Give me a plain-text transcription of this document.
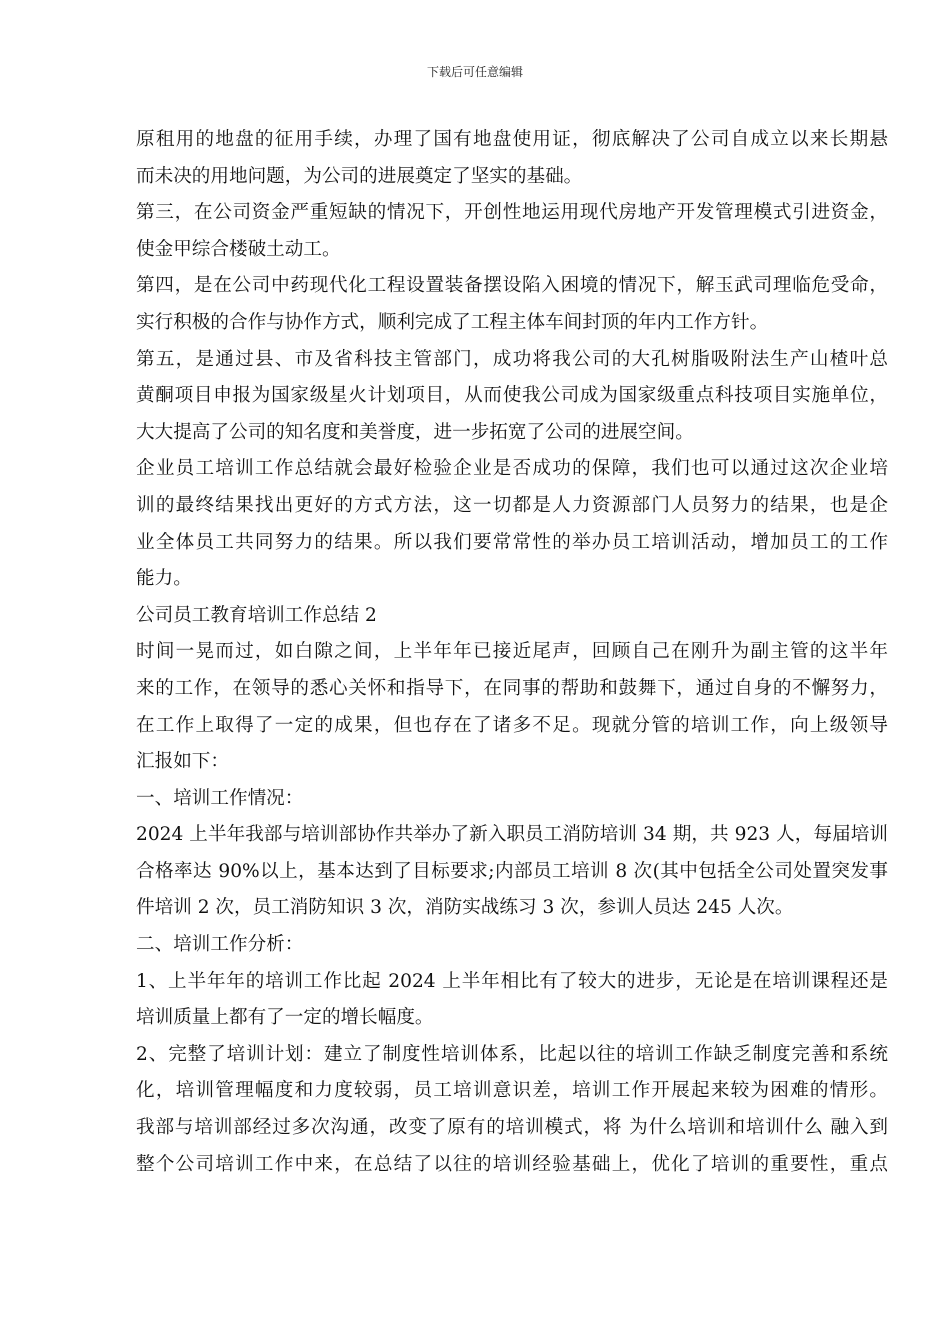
下载后可任意编辑
原租用的地盘的征用手续，办理了国有地盘使用证，彻底解决了公司自成立以来长期悬
而未决的用地问题，为公司的进展奠定了坚实的基础。
第三，在公司资金严重短缺的情况下，开创性地运用现代房地产开发管理模式引进资金，
使金甲综合楼破土动工。
第四，是在公司中药现代化工程设置装备摆设陷入困境的情况下，解玉武司理临危受命，
实行积极的合作与协作方式，顺利完成了工程主体车间封顶的年内工作方针。
第五，是通过县、市及省科技主管部门，成功将我公司的大孔树脂吸附法生产山楂叶总
黄酮项目申报为国家级星火计划项目，从而使我公司成为国家级重点科技项目实施单位，
大大提高了公司的知名度和美誉度，进一步拓宽了公司的进展空间。
企业员工培训工作总结就会最好检验企业是否成功的保障，我们也可以通过这次企业培
训的最终结果找出更好的方式方法，这一切都是人力资源部门人员努力的结果，也是企
业全体员工共同努力的结果。所以我们要常常性的举办员工培训活动，增加员工的工作
能力。
公司员工教育培训工作总结 2
时间一晃而过，如白隙之间，上半年年已接近尾声，回顾自己在刚升为副主管的这半年
来的工作，在领导的悉心关怀和指导下，在同事的帮助和鼓舞下，通过自身的不懈努力，
在工作上取得了一定的成果，但也存在了诸多不足。现就分管的培训工作，向上级领导
汇报如下：
一、培训工作情况：
2024 上半年我部与培训部协作共举办了新入职员工消防培训 34 期，共 923 人，每届培训
合格率达 90%以上，基本达到了目标要求;内部员工培训 8 次(其中包括全公司处置突发事
件培训 2 次，员工消防知识 3 次，消防实战练习 3 次，参训人员达 245 人次。
二、培训工作分析：
1、上半年年的培训工作比起 2024 上半年相比有了较大的进步，无论是在培训课程还是
培训质量上都有了一定的增长幅度。
2、完整了培训计划：建立了制度性培训体系，比起以往的培训工作缺乏制度完善和系统
化，培训管理幅度和力度较弱，员工培训意识差，培训工作开展起来较为困难的情形。
我部与培训部经过多次沟通，改变了原有的培训模式，将 为什么培训和培训什么 融入到
整个公司培训工作中来，在总结了以往的培训经验基础上，优化了培训的重要性，重点
